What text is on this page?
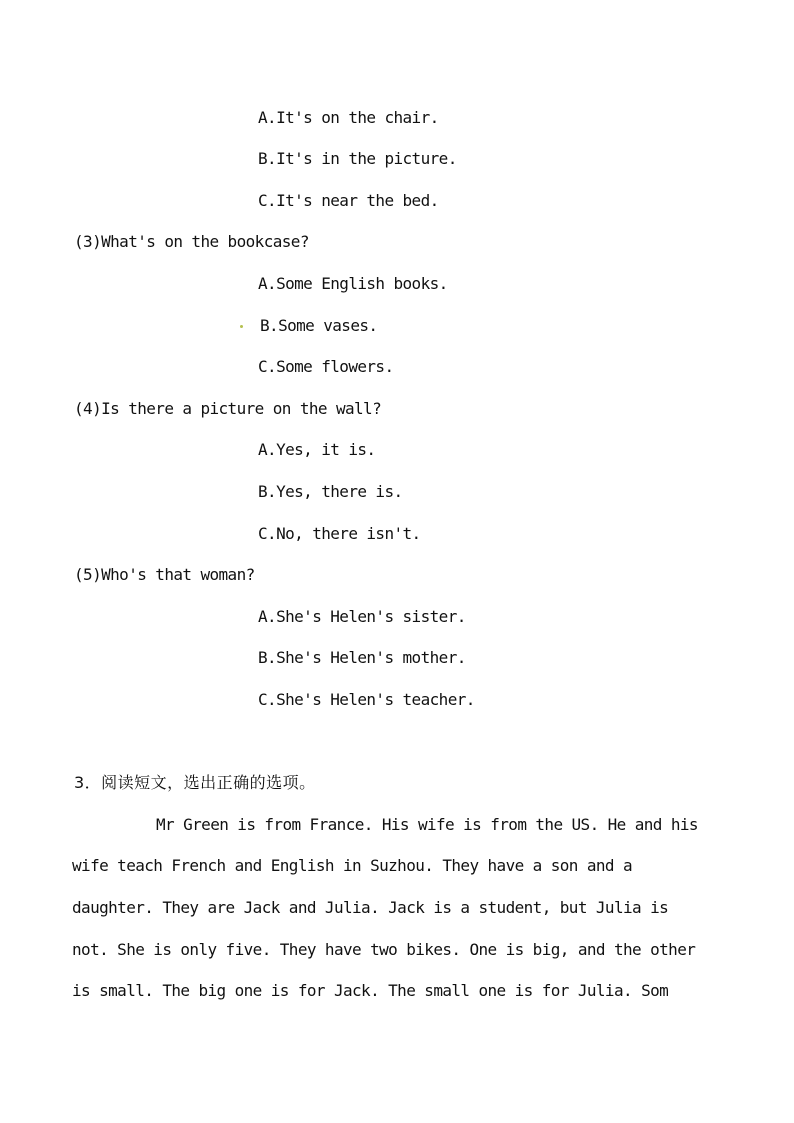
A.It's on the chair.
B.It's in the picture.
C.It's near the bed.
(3)What's on the bookcase?
A.Some English books.
B.Some vases.
C.Some flowers.
(4)Is there a picture on the wall?
A.Yes, it is.
B.Yes, there is.
C.No, there isn't.
(5)Who's that woman?
A.She's Helen's sister.
B.She's Helen's mother.
C.She's Helen's teacher.
3．阅读短文，选出正确的选项。
Mr Green is from France. His wife is from the US. He and his
wife teach French and English in Suzhou. They have a son and a
daughter. They are Jack and Julia. Jack is a student, but Julia is
not. She is only five. They have two bikes. One is big, and the other
is small. The big one is for Jack. The small one is for Julia. Som
